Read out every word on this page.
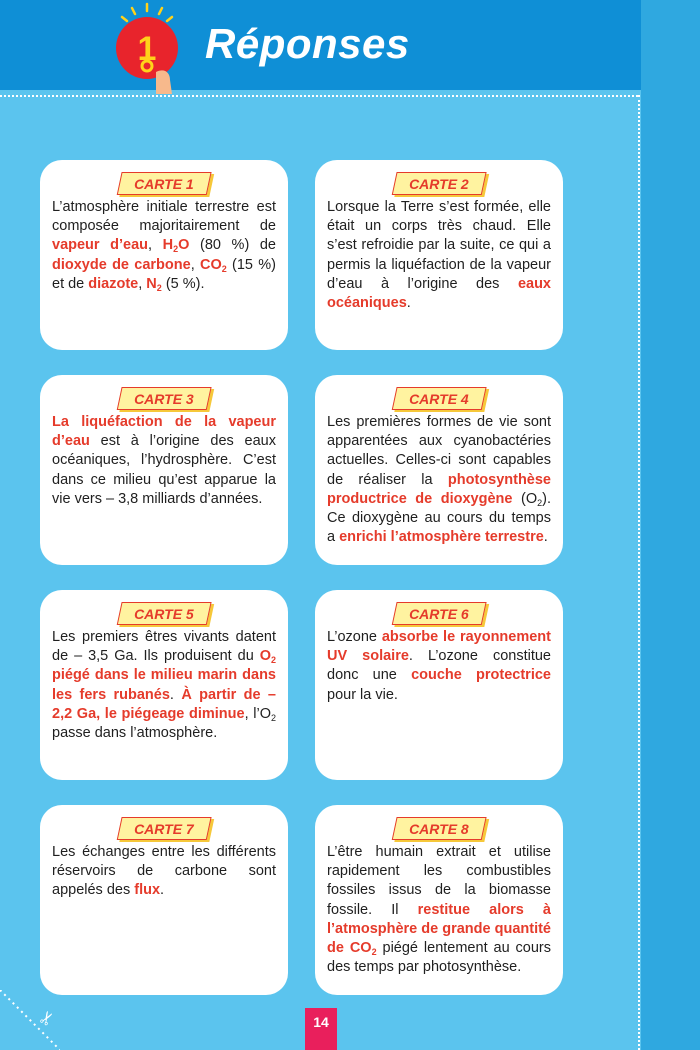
1 Réponses
CARTE 1

L’atmosphère initiale terrestre est composée majoritairement de vapeur d’eau, $H_2O$ (80 %) de dioxyde de carbone, $CO_2$ (15 %) et de diazote, $N_2$ (5 %).

CARTE 2

Lorsque la Terre s’est formée, elle était un corps très chaud. Elle s’est refroidie par la suite, ce qui a permis la liquéfaction de la vapeur d’eau à l’origine des eaux océaniques.

CARTE 3

La liquéfaction de la vapeur d’eau est à l’origine des eaux océaniques, l’hydrosphère. C’est dans ce milieu qu’est apparue la vie vers – 3,8 milliards d’années.

CARTE 4

Les premières formes de vie sont apparentées aux cyanobactéries actuelles. Celles-ci sont capables de réaliser la photosynthèse productrice de dioxygène $(O_2)$. Ce dioxygène au cours du temps a enrichi l’atmosphère terrestre.

CARTE 5

Les premiers êtres vivants datent de – 3,5 Ga. Ils produisent du $O_2$ piégé dans le milieu marin dans les fers rubanés. À partir de – 2,2 Ga, le piégeage diminue, $l’O_2$ passe dans l’atmosphère.

CARTE 6

L’ozone absorbe le rayonnement UV solaire. L’ozone constitue donc une couche protectrice pour la vie.

CARTE 7

Les échanges entre les différents réservoirs de carbone sont appelés des flux.

CARTE 8

L’être humain extrait et utilise rapidement les combustibles fossiles issus de la biomasse fossile. Il restitue alors à l’atmosphère de grande quantité de $CO_2$ piégé lentement au cours des temps par photosynthèse.

✂	14
